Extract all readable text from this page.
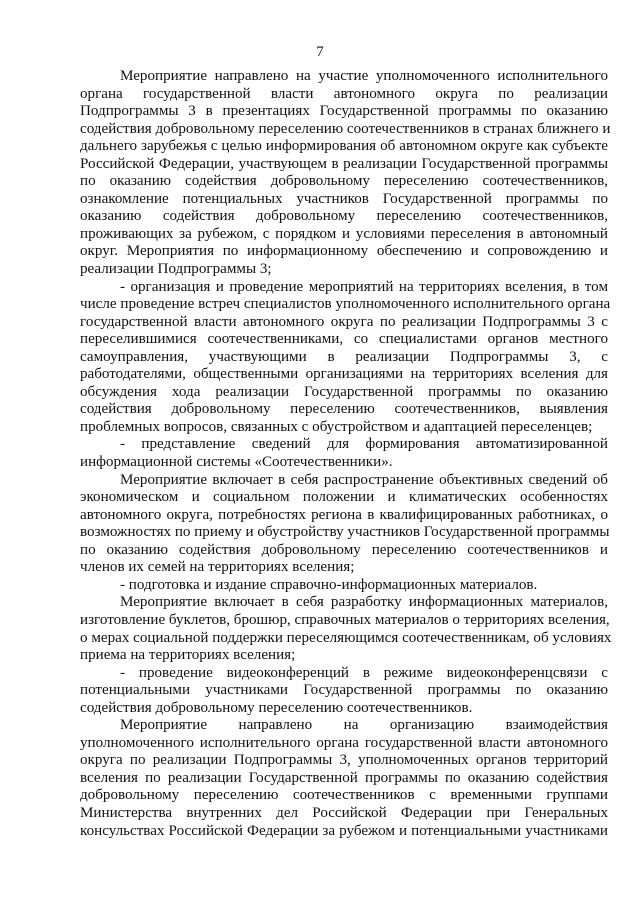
7
Мероприятие направлено на участие уполномоченного исполнительного
органа государственной власти автономного округа по реализации
Подпрограммы 3 в презентациях Государственной программы по оказанию
содействия добровольному переселению соотечественников в странах ближнего и
дальнего зарубежья с целью информирования об автономном округе как субъекте
Российской Федерации, участвующем в реализации Государственной программы
по оказанию содействия добровольному переселению соотечественников,
ознакомление потенциальных участников Государственной программы по
оказанию содействия добровольному переселению соотечественников,
проживающих за рубежом, с порядком и условиями переселения в автономный
округ. Мероприятия по информационному обеспечению и сопровождению и
реализации Подпрограммы 3;
- организация и проведение мероприятий на территориях вселения, в том
числе проведение встреч специалистов уполномоченного исполнительного органа
государственной власти автономного округа по реализации Подпрограммы 3 с
переселившимися соотечественниками, со специалистами органов местного
самоуправления, участвующими в реализации Подпрограммы 3, с
работодателями, общественными организациями на территориях вселения для
обсуждения хода реализации Государственной программы по оказанию
содействия добровольному переселению соотечественников, выявления
проблемных вопросов, связанных с обустройством и адаптацией переселенцев;
- представление сведений для формирования автоматизированной
информационной системы «Соотечественники».
Мероприятие включает в себя распространение объективных сведений об
экономическом и социальном положении и климатических особенностях
автономного округа, потребностях региона в квалифицированных работниках, о
возможностях по приему и обустройству участников Государственной программы
по оказанию содействия добровольному переселению соотечественников и
членов их семей на территориях вселения;
- подготовка и издание справочно-информационных материалов.
Мероприятие включает в себя разработку информационных материалов,
изготовление буклетов, брошюр, справочных материалов о территориях вселения,
о мерах социальной поддержки переселяющимся соотечественникам, об условиях
приема на территориях вселения;
- проведение видеоконференций в режиме видеоконференцсвязи с
потенциальными участниками Государственной программы по оказанию
содействия добровольному переселению соотечественников.
Мероприятие направлено на организацию взаимодействия
уполномоченного исполнительного органа государственной власти автономного
округа по реализации Подпрограммы 3, уполномоченных органов территорий
вселения по реализации Государственной программы по оказанию содействия
добровольному переселению соотечественников с временными группами
Министерства внутренних дел Российской Федерации при Генеральных
консульствах Российской Федерации за рубежом и потенциальными участниками
